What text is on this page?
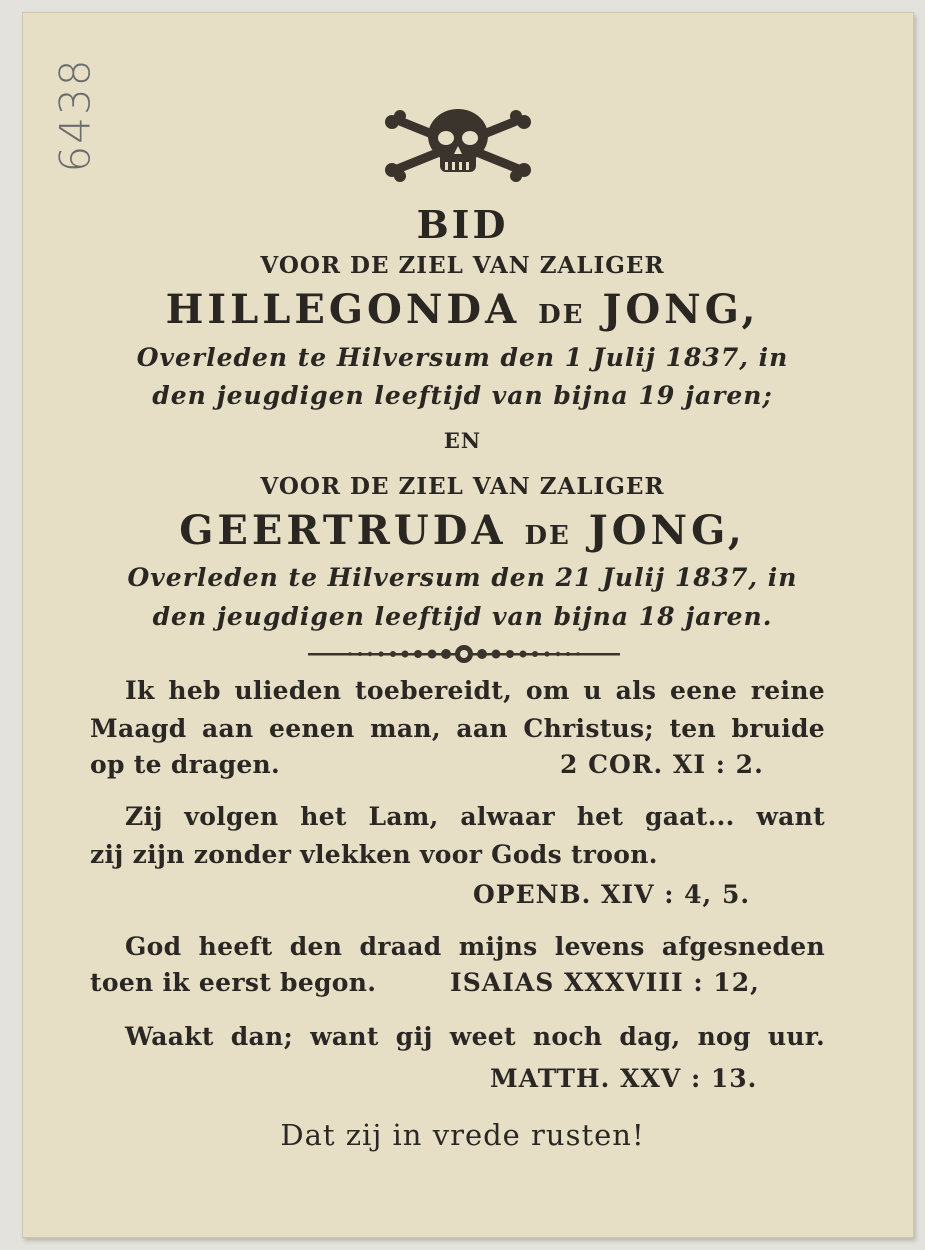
6438
BID
VOOR DE ZIEL VAN ZALIGER
HILLEGONDA DE JONG,
Overleden te Hilversum den 1 Julij 1837, in
den jeugdigen leeftijd van bijna 19 jaren;
EN
VOOR DE ZIEL VAN ZALIGER
GEERTRUDA DE JONG,
Overleden te Hilversum den 21 Julij 1837, in
den jeugdigen leeftijd van bijna 18 jaren.
Ik heb ulieden toebereidt, om u als eene reine
Maagd aan eenen man, aan Christus; ten bruide
op te dragen.	2 COR. XI : 2.
Zij volgen het Lam, alwaar het gaat... want
zij zijn zonder vlekken voor Gods troon.
OPENB. XIV : 4, 5.
God heeft den draad mijns levens afgesneden
toen ik eerst begon.	ISAIAS XXXVIII : 12,
Waakt dan; want gij weet noch dag, nog uur.
MATTH. XXV : 13.
Dat zij in vrede rusten!
